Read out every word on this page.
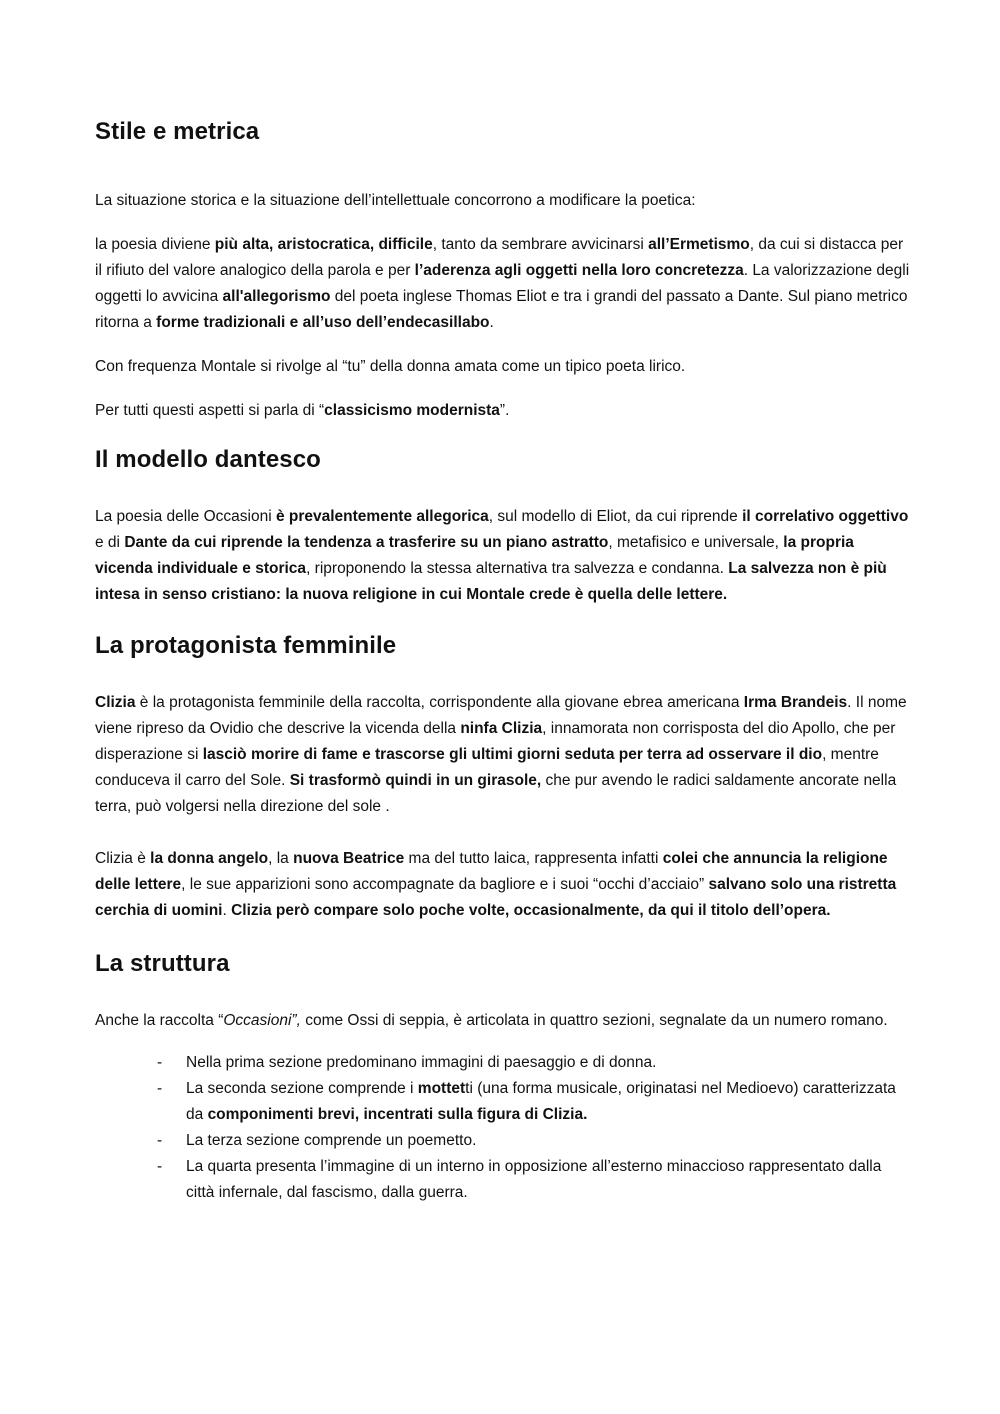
Stile e metrica

La situazione storica e la situazione dell’intellettuale concorrono a modificare la poetica:

la poesia diviene più alta, aristocratica, difficile, tanto da sembrare avvicinarsi all’Ermetismo, da cui si distacca per il rifiuto del valore analogico della parola e per l’aderenza agli oggetti nella loro concretezza. La valorizzazione degli oggetti lo avvicina all'allegorismo del poeta inglese Thomas Eliot e tra i grandi del passato a Dante. Sul piano metrico ritorna a forme tradizionali e all’uso dell’endecasillabo.

Con frequenza Montale si rivolge al “tu” della donna amata come un tipico poeta lirico.

Per tutti questi aspetti si parla di “classicismo modernista”.

Il modello dantesco

La poesia delle Occasioni è prevalentemente allegorica, sul modello di Eliot, da cui riprende il correlativo oggettivo e di Dante da cui riprende la tendenza a trasferire su un piano astratto, metafisico e universale, la propria vicenda individuale e storica, riproponendo la stessa alternativa tra salvezza e condanna. La salvezza non è più intesa in senso cristiano: la nuova religione in cui Montale crede è quella delle lettere.

La protagonista femminile

Clizia è la protagonista femminile della raccolta, corrispondente alla giovane ebrea americana Irma Brandeis. Il nome viene ripreso da Ovidio che descrive la vicenda della ninfa Clizia, innamorata non corrisposta del dio Apollo, che per disperazione si lasciò morire di fame e trascorse gli ultimi giorni seduta per terra ad osservare il dio, mentre conduceva il carro del Sole. Si trasformò quindi in un girasole, che pur avendo le radici saldamente ancorate nella terra, può volgersi nella direzione del sole .

Clizia è la donna angelo, la nuova Beatrice ma del tutto laica, rappresenta infatti colei che annuncia la religione delle lettere, le sue apparizioni sono accompagnate da bagliore e i suoi “occhi d’acciaio” salvano solo una ristretta cerchia di uomini. Clizia però compare solo poche volte, occasionalmente, da qui il titolo dell’opera.

La struttura

Anche la raccolta “Occasioni”, come Ossi di seppia, è articolata in quattro sezioni, segnalate da un numero romano.

- Nella prima sezione predominano immagini di paesaggio e di donna.
- La seconda sezione comprende i mottetti (una forma musicale, originatasi nel Medioevo) caratterizzata da componimenti brevi, incentrati sulla figura di Clizia.
- La terza sezione comprende un poemetto.
- La quarta presenta l’immagine di un interno in opposizione all’esterno minaccioso rappresentato dalla città infernale, dal fascismo, dalla guerra.
